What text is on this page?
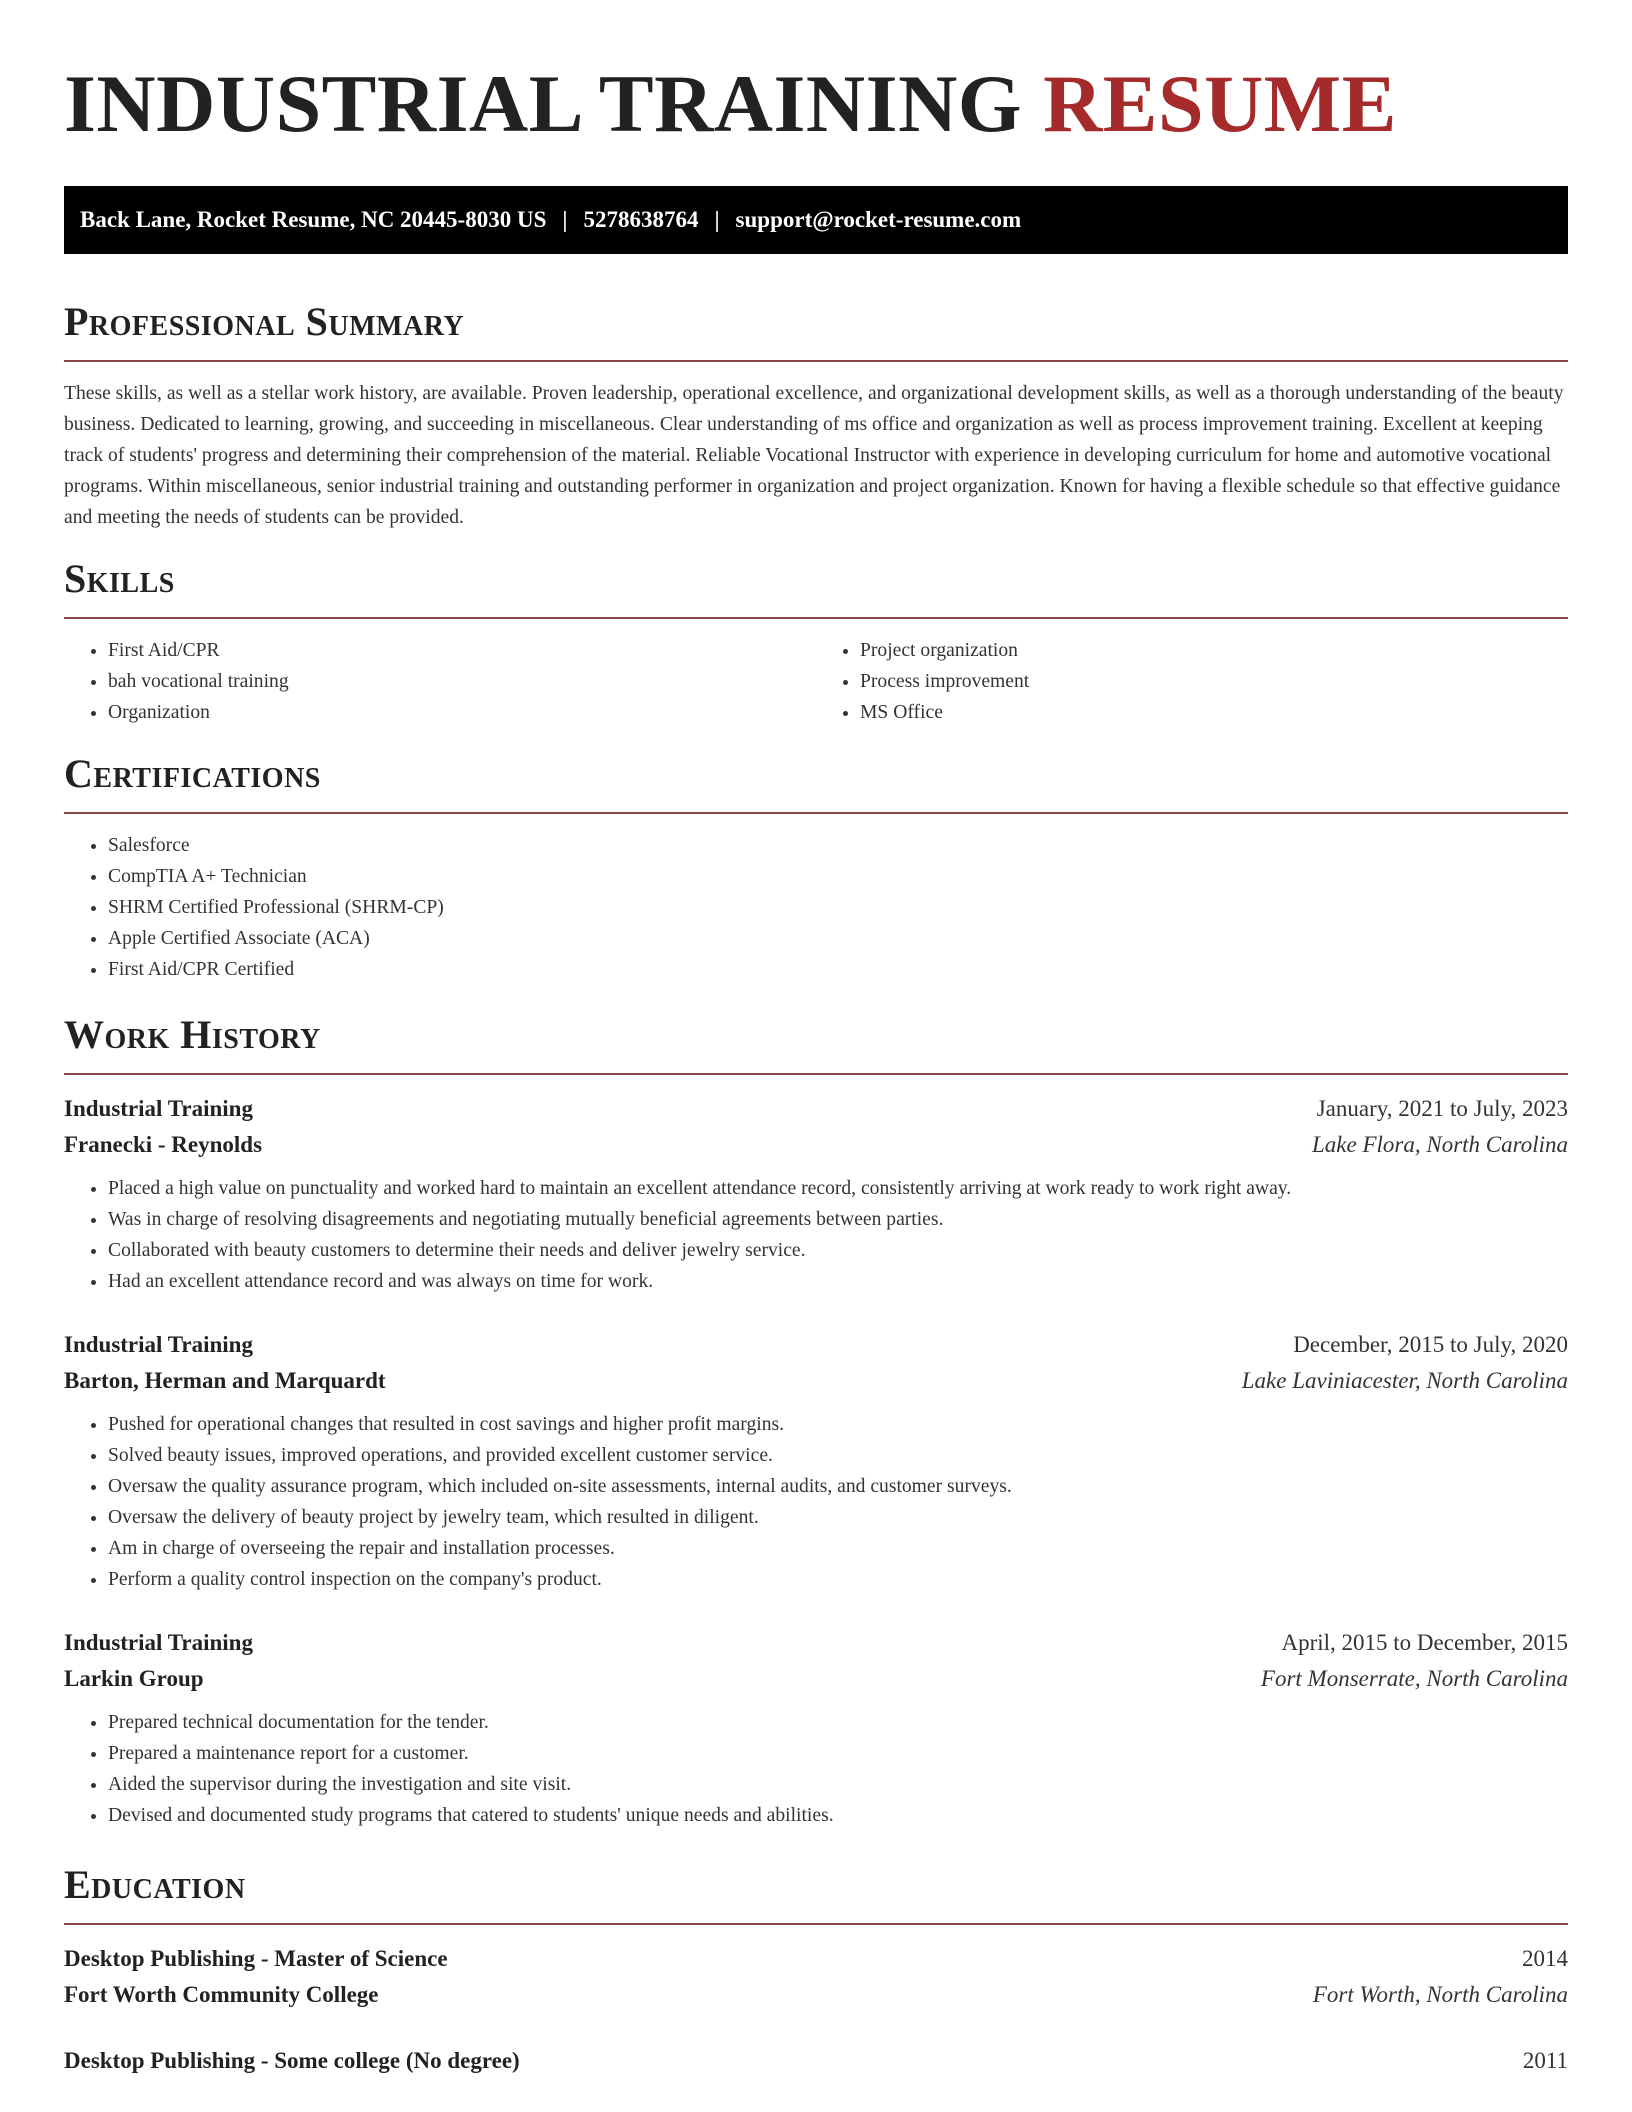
INDUSTRIAL TRAINING RESUME
Back Lane, Rocket Resume, NC 20445-8030 US | 5278638764 | support@rocket-resume.com
Professional Summary

These skills, as well as a stellar work history, are available. Proven leadership, operational excellence, and organizational development skills, as well as a thorough understanding of the beauty business. Dedicated to learning, growing, and succeeding in miscellaneous. Clear understanding of ms office and organization as well as process improvement training. Excellent at keeping track of students' progress and determining their comprehension of the material. Reliable Vocational Instructor with experience in developing curriculum for home and automotive vocational programs. Within miscellaneous, senior industrial training and outstanding performer in organization and project organization. Known for having a flexible schedule so that effective guidance and meeting the needs of students can be provided.

Skills
• First Aid/CPR
• bah vocational training
• Organization
• Project organization
• Process improvement
• MS Office
Certifications
• Salesforce
• CompTIA A+ Technician
• SHRM Certified Professional (SHRM-CP)
• Apple Certified Associate (ACA)
• First Aid/CPR Certified
Work History
Industrial Training	January, 2021 to July, 2023
Franecki - Reynolds	Lake Flora, North Carolina
• Placed a high value on punctuality and worked hard to maintain an excellent attendance record, consistently arriving at work ready to work right away.
• Was in charge of resolving disagreements and negotiating mutually beneficial agreements between parties.
• Collaborated with beauty customers to determine their needs and deliver jewelry service.
• Had an excellent attendance record and was always on time for work.
Industrial Training	December, 2015 to July, 2020
Barton, Herman and Marquardt	Lake Laviniacester, North Carolina
• Pushed for operational changes that resulted in cost savings and higher profit margins.
• Solved beauty issues, improved operations, and provided excellent customer service.
• Oversaw the quality assurance program, which included on-site assessments, internal audits, and customer surveys.
• Oversaw the delivery of beauty project by jewelry team, which resulted in diligent.
• Am in charge of overseeing the repair and installation processes.
• Perform a quality control inspection on the company's product.
Industrial Training	April, 2015 to December, 2015
Larkin Group	Fort Monserrate, North Carolina
• Prepared technical documentation for the tender.
• Prepared a maintenance report for a customer.
• Aided the supervisor during the investigation and site visit.
• Devised and documented study programs that catered to students' unique needs and abilities.
Education
Desktop Publishing - Master of Science	2014
Fort Worth Community College	Fort Worth, North Carolina
Desktop Publishing - Some college (No degree)	2011
